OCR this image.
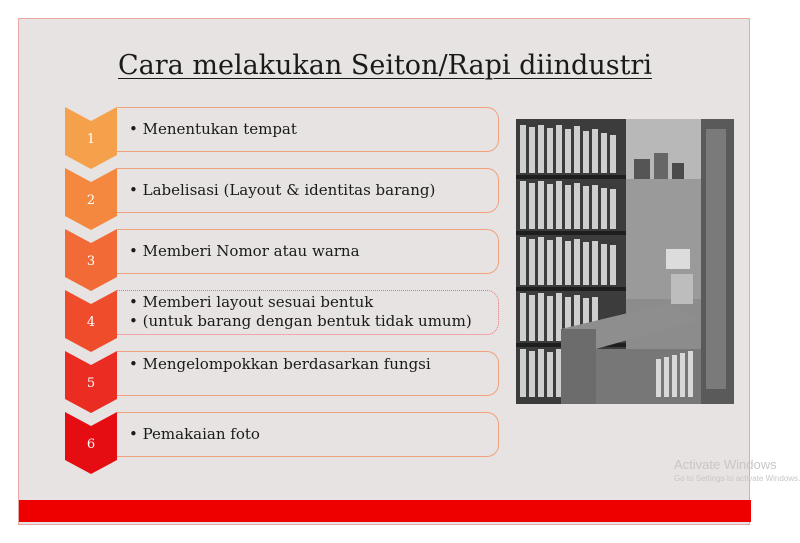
Cara melakukan Seiton/Rapi diindustri
1
• Menentukan tempat
2
• Labelisasi (Layout & identitas barang)
3
• Memberi Nomor atau warna
4
• Memberi layout sesuai bentuk
• (untuk barang dengan bentuk tidak umum)
5
• Mengelompokkan berdasarkan fungsi
6
• Pemakaian foto
Activate Windows
Go to Settings to activate Windows.
